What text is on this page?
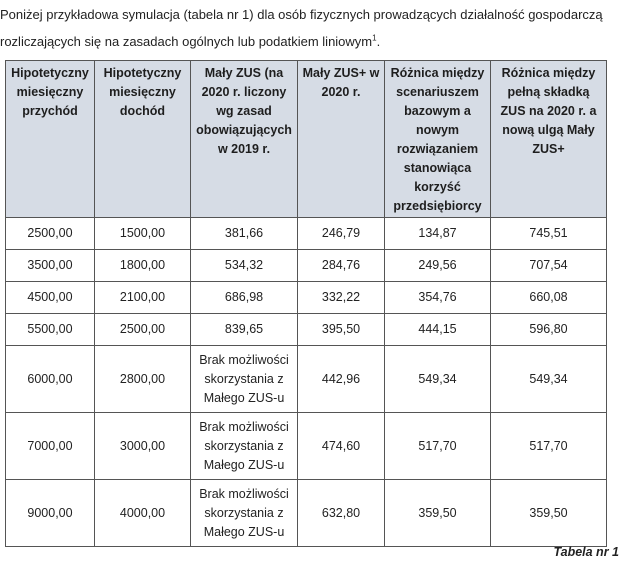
Poniżej przykładowa symulacja (tabela nr 1) dla osób fizycznych prowadzących działalność gospodarczą
rozliczających się na zasadach ogólnych lub podatkiem liniowym$^1$.
Hipotetyczny miesięczny przychód	Hipotetyczny miesięczny dochód	Mały ZUS (na 2020 r. liczony wg zasad obowiązujących w 2019 r.	Mały ZUS+ w 2020 r.	Różnica między scenariuszem bazowym a nowym rozwiązaniem stanowiąca korzyść przedsiębiorcy	Różnica między pełną składką ZUS na 2020 r. a nową ulgą Mały ZUS+
2500,00	1500,00	381,66	246,79	134,87	745,51
3500,00	1800,00	534,32	284,76	249,56	707,54
4500,00	2100,00	686,98	332,22	354,76	660,08
5500,00	2500,00	839,65	395,50	444,15	596,80
6000,00	2800,00	Brak możliwości skorzystania z Małego ZUS-u	442,96	549,34	549,34
7000,00	3000,00	Brak możliwości skorzystania z Małego ZUS-u	474,60	517,70	517,70
9000,00	4000,00	Brak możliwości skorzystania z Małego ZUS-u	632,80	359,50	359,50
Tabela nr 1
